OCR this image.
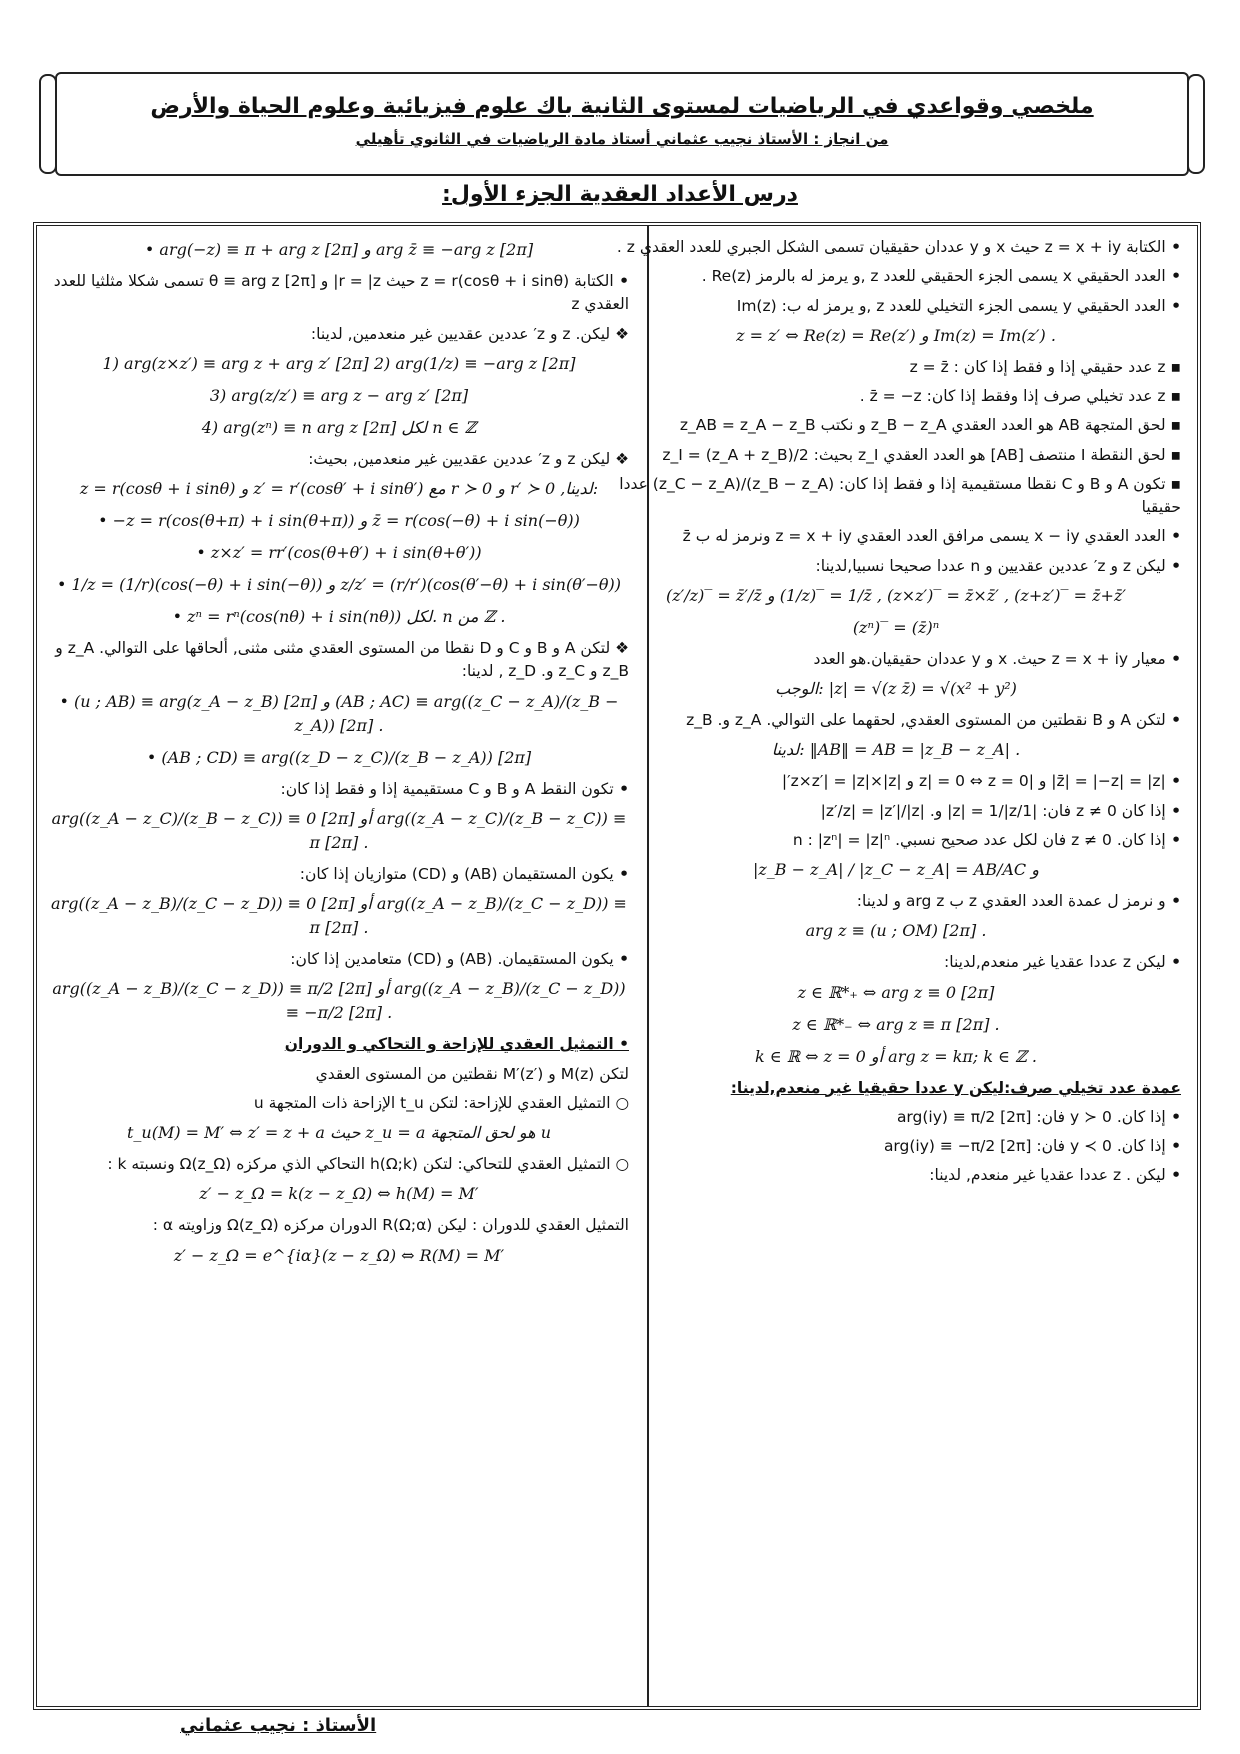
ملخصي وقواعدي في الرياضيات لمستوى الثانية باك علوم فيزيائية وعلوم الحياة والأرض
من انجاز : الأستاذ نجيب عثماني أستاذ مادة الرياضيات في الثانوي تأهيلي
درس الأعداد العقدية الجزء الأول:
• الكتابة z = x + iy حيث x و y عددان حقيقيان تسمى الشكل الجبري للعدد العقدي z .
• العدد الحقيقي x يسمى الجزء الحقيقي للعدد z ,و يرمز له بالرمز Re(z) .
• العدد الحقيقي y يسمى الجزء التخيلي للعدد z ,و يرمز له ب: Im(z)
z = z′ ⇔ Re(z) = Re(z′) و Im(z) = Im(z′) .
▪ z عدد حقيقي إذا و فقط إذا كان : z = z̄
▪ z عدد تخيلي صرف إذا وفقط إذا كان: z̄ = −z .
▪ لحق المتجهة AB هو العدد العقدي z_B − z_A و نكتب z_AB = z_A − z_B
▪ لحق النقطة I منتصف [AB] هو العدد العقدي z_I بحيث: z_I = (z_A + z_B)/2
▪ تكون A و B و C نقطا مستقيمية إذا و فقط إذا كان: (z_B − z_A)/(z_C − z_A) عددا حقيقيا
• العدد العقدي x − iy يسمى مرافق العدد العقدي z = x + iy ونرمز له ب z̄
• ليكن z و z′ عددين عقديين و n عددا صحيحا نسبيا,لدينا:
(z′/z)‾ = z̄′/z̄ و (1/z)‾ = 1/z̄ , (z×z′)‾ = z̄×z̄′ , (z+z′)‾ = z̄+z̄′
(zⁿ)‾ = (z̄)ⁿ
• معيار z = x + iy حيث. x و y عددان حقيقيان.هو العدد
الوجب: |z| = √(z z̄) = √(x² + y²)
• لتكن A و B نقطتين من المستوى العقدي, لحقهما على التوالي. z_A و. z_B
لدينا: ‖AB‖ = AB = |z_B − z_A| .
• |z̄| = |−z| = |z| و |z| = 0 ⇔ z = 0 و |z×z′| = |z|×|z′|
• إذا كان z ≠ 0 فان: |1/z| = 1/|z| و. |z′/z| = |z′|/|z|
• إذا كان. z ≠ 0 فان لكل عدد صحيح نسبي. n : |zⁿ| = |z|ⁿ
|z_B − z_A| / |z_C − z_A| = AB/AC و
• و نرمز ل عمدة العدد العقدي z ب arg z و لدينا:
arg z ≡ (u ; OM) [2π] .
• ليكن z عددا عقديا غير منعدم,لدينا:
z ∈ ℝ*₊ ⇔ arg z ≡ 0 [2π]
z ∈ ℝ*₋ ⇔ arg z ≡ π [2π] .
k ∈ ℝ ⇔ z = 0 أو arg z = kπ; k ∈ ℤ .
عمدة عدد تخيلي صرف:ليكن y عددا حقيقيا غير منعدم,لدينا:
• إذا كان. y ≻ 0 فان: arg(iy) ≡ π/2 [2π]
• إذا كان. y ≺ 0 فان: arg(iy) ≡ −π/2 [2π]
• ليكن . z عددا عقديا غير منعدم, لدينا:
• arg(−z) ≡ π + arg z [2π] و arg z̄ ≡ −arg z [2π]
• الكتابة z = r(cosθ + i sinθ) حيث r = |z| و θ ≡ arg z [2π] تسمى شكلا مثلثيا للعدد العقدي z
❖ ليكن. z و z′ عددين عقديين غير منعدمين, لدينا:
1) arg(z×z′) ≡ arg z + arg z′ [2π] 2) arg(1/z) ≡ −arg z [2π]
3) arg(z/z′) ≡ arg z − arg z′ [2π]
4) arg(zⁿ) ≡ n arg z [2π] لكل n ∈ ℤ
❖ ليكن z و z′ عددين عقديين غير منعدمين, بحيث:
z = r(cosθ + i sinθ) و z′ = r′(cosθ′ + i sinθ′) مع r ≻ 0 و r′ ≻ 0 ,لدينا:
• −z = r(cos(θ+π) + i sin(θ+π)) و z̄ = r(cos(−θ) + i sin(−θ))
• z×z′ = rr′(cos(θ+θ′) + i sin(θ+θ′))
• 1/z = (1/r)(cos(−θ) + i sin(−θ)) و z/z′ = (r/r′)(cos(θ′−θ) + i sin(θ′−θ))
• zⁿ = rⁿ(cos(nθ) + i sin(nθ)) لكل. n من ℤ .
❖ لتكن A و B و C و D نقطا من المستوى العقدي مثنى مثنى, ألحاقها على التوالي. z_A و z_B و z_C و. z_D , لدينا:
• (u ; AB) ≡ arg(z_A − z_B) [2π] و (AB ; AC) ≡ arg((z_C − z_A)/(z_B − z_A)) [2π] .
• (AB ; CD) ≡ arg((z_D − z_C)/(z_B − z_A)) [2π]
• تكون النقط A و B و C مستقيمية إذا و فقط إذا كان:
arg((z_A − z_C)/(z_B − z_C)) ≡ 0 [2π] أو arg((z_A − z_C)/(z_B − z_C)) ≡ π [2π] .
• يكون المستقيمان (AB) و (CD) متوازيان إذا كان:
arg((z_A − z_B)/(z_C − z_D)) ≡ 0 [2π] أو arg((z_A − z_B)/(z_C − z_D)) ≡ π [2π] .
• يكون المستقيمان. (AB) و (CD) متعامدين إذا كان:
arg((z_A − z_B)/(z_C − z_D)) ≡ π/2 [2π] أو arg((z_A − z_B)/(z_C − z_D)) ≡ −π/2 [2π] .
• التمثيل العقدي للإزاحة و التحاكي و الدوران
لتكن M(z) و M′(z′) نقطتين من المستوى العقدي
○ التمثيل العقدي للإزاحة: لتكن t_u الإزاحة ذات المتجهة u
t_u(M) = M′ ⇔ z′ = z + a حيث z_u = a هو لحق المتجهة u
○ التمثيل العقدي للتحاكي: لتكن h(Ω;k) التحاكي الذي مركزه Ω(z_Ω) ونسبته k :
z′ − z_Ω = k(z − z_Ω) ⇔ h(M) = M′
التمثيل العقدي للدوران : ليكن R(Ω;α) الدوران مركزه Ω(z_Ω) وزاويته α :
z′ − z_Ω = e^{iα}(z − z_Ω) ⇔ R(M) = M′
الأستاذ : نجيب عثماني
